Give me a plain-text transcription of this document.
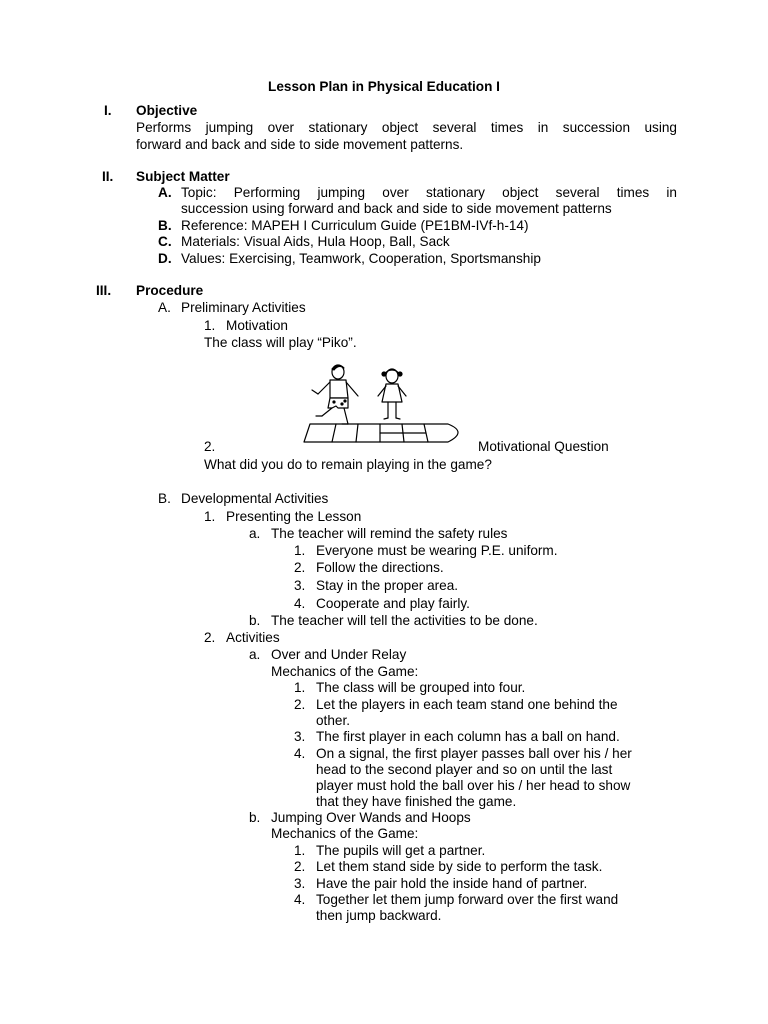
Lesson Plan in Physical Education I
I. Objective
Performs jumping over stationary object several times in succession using
forward and back and side to side movement patterns.
II. Subject Matter
A. Topic: Performing jumping over stationary object several times in
succession using forward and back and side to side movement patterns
B. Reference: MAPEH I Curriculum Guide (PE1BM-IVf-h-14)
C. Materials: Visual Aids, Hula Hoop, Ball, Sack
D. Values: Exercising, Teamwork, Cooperation, Sportsmanship
III. Procedure
A. Preliminary Activities
1. Motivation
The class will play “Piko”.
2.	Motivational Question
What did you do to remain playing in the game?
B. Developmental Activities
1. Presenting the Lesson
a. The teacher will remind the safety rules
1. Everyone must be wearing P.E. uniform.
2. Follow the directions.
3. Stay in the proper area.
4. Cooperate and play fairly.
b. The teacher will tell the activities to be done.
2. Activities
a. Over and Under Relay
Mechanics of the Game:
1. The class will be grouped into four.
2. Let the players in each team stand one behind the
other.
3. The first player in each column has a ball on hand.
4. On a signal, the first player passes ball over his / her
head to the second player and so on until the last
player must hold the ball over his / her head to show
that they have finished the game.
b. Jumping Over Wands and Hoops
Mechanics of the Game:
1. The pupils will get a partner.
2. Let them stand side by side to perform the task.
3. Have the pair hold the inside hand of partner.
4. Together let them jump forward over the first wand
then jump backward.
